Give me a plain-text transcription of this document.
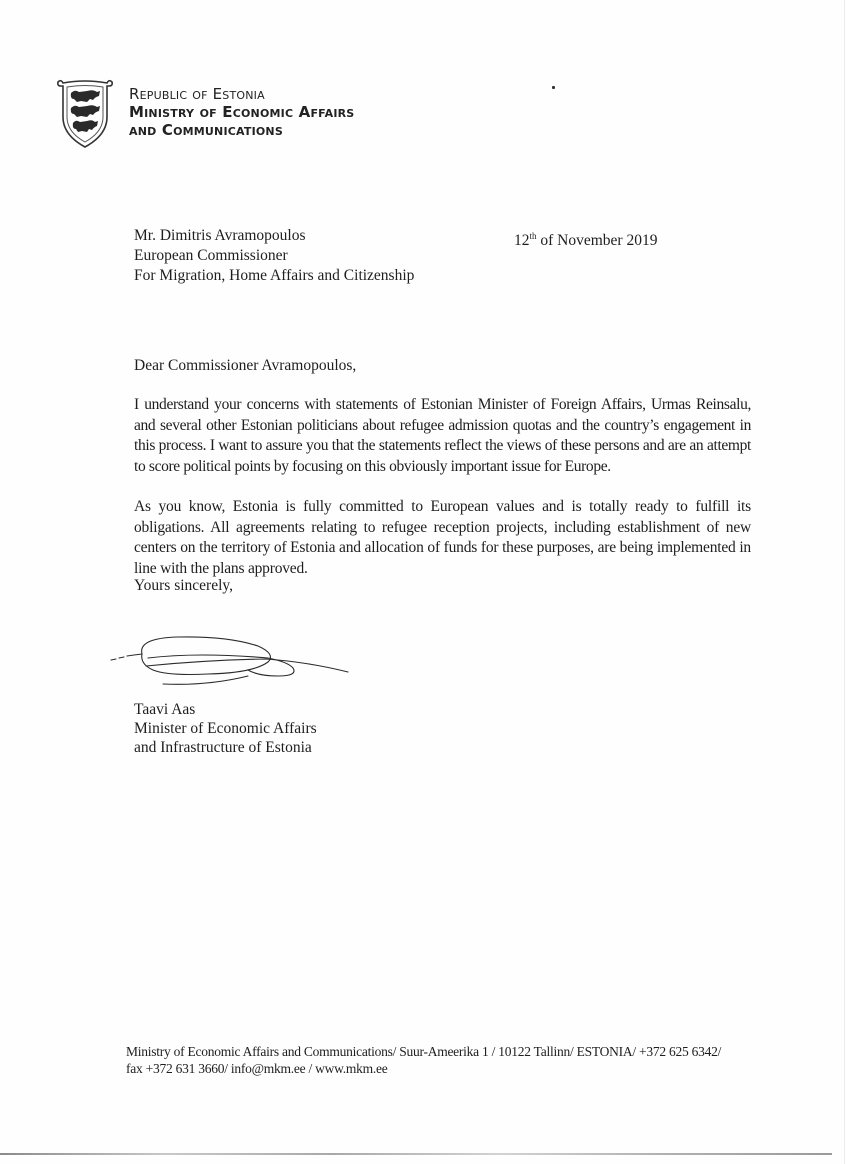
Republic of Estonia
Ministry of Economic Affairs
and Communications
Mr. Dimitris Avramopoulos
European Commissioner
For Migration, Home Affairs and Citizenship
12th of November 2019
Dear Commissioner Avramopoulos,
I understand your concerns with statements of Estonian Minister of Foreign Affairs, Urmas Reinsalu, and several other Estonian politicians about refugee admission quotas and the country’s engagement in this process. I want to assure you that the statements reflect the views of these persons and are an attempt to score political points by focusing on this obviously important issue for Europe.
As you know, Estonia is fully committed to European values and is totally ready to fulfill its obligations. All agreements relating to refugee reception projects, including establishment of new centers on the territory of Estonia and allocation of funds for these purposes, are being implemented in line with the plans approved.
Yours sincerely,
Taavi Aas
Minister of Economic Affairs
and Infrastructure of Estonia
Ministry of Economic Affairs and Communications/ Suur-Ameerika 1 / 10122 Tallinn/ ESTONIA/ +372 625 6342/
fax +372 631 3660/ info@mkm.ee / www.mkm.ee
